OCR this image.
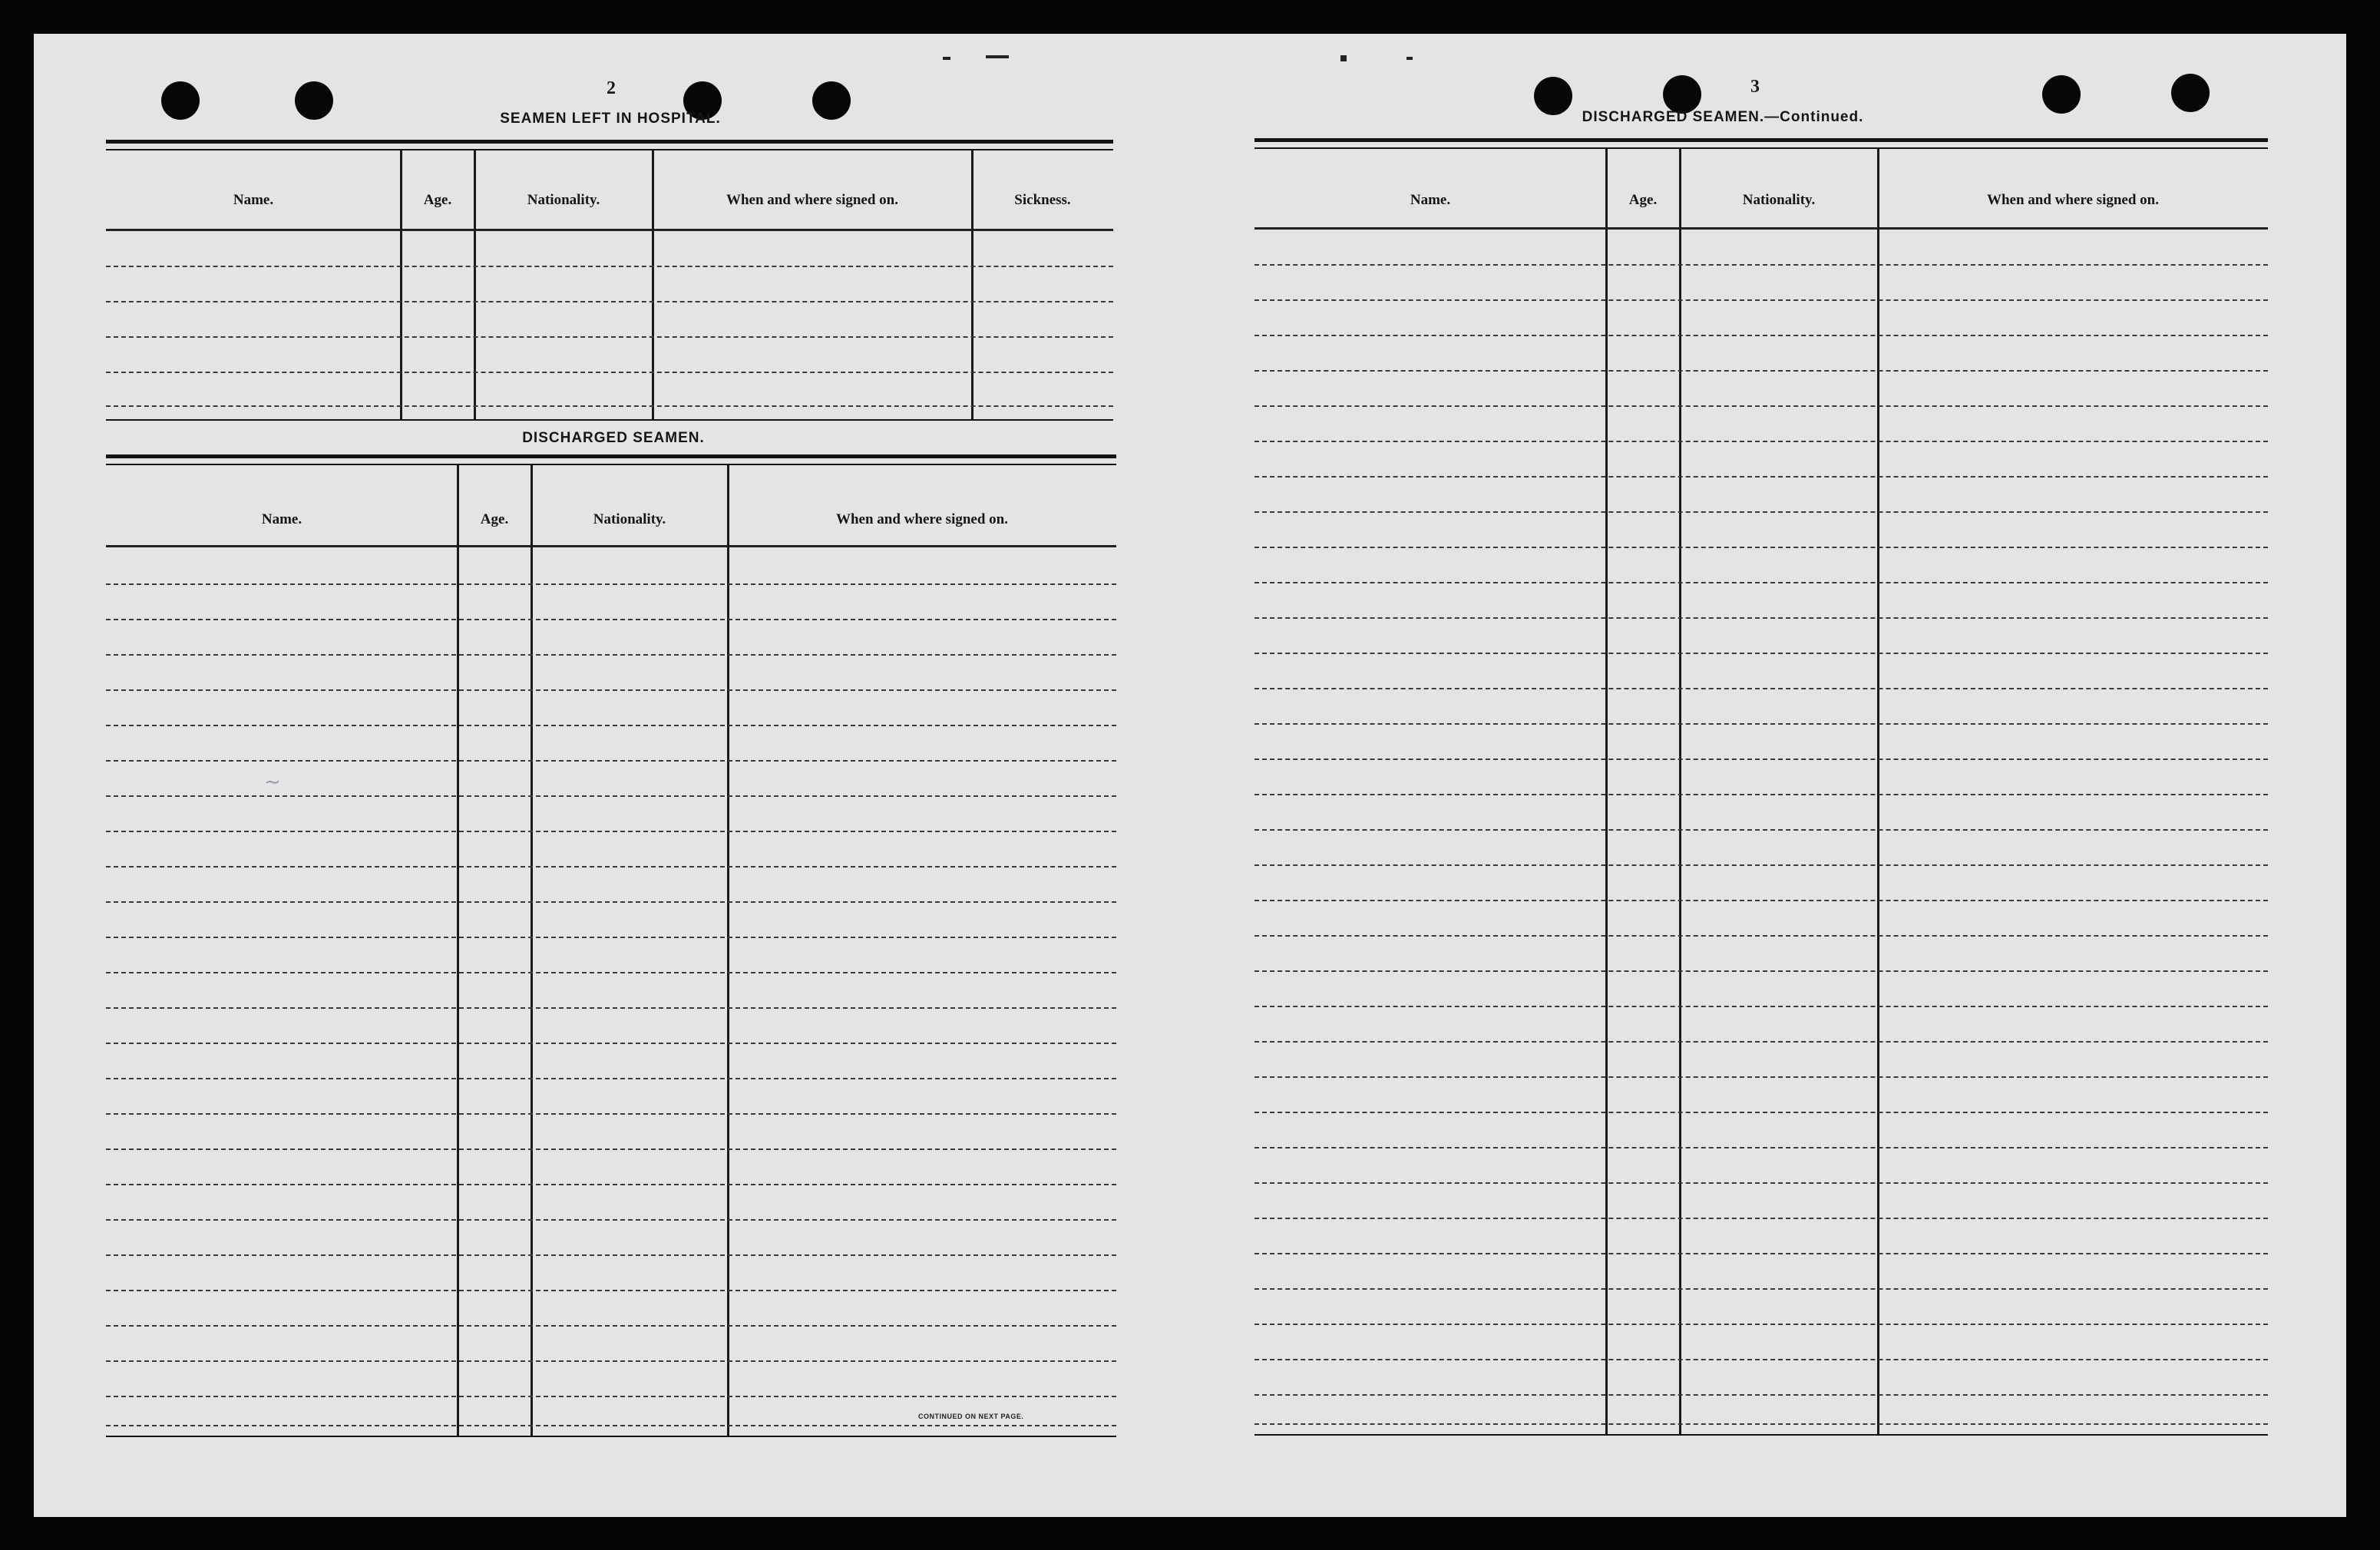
2
SEAMEN LEFT IN HOSPITAL.
Name.	Age.	Nationality.	When and where signed on.	Sickness.
DISCHARGED SEAMEN.
Name.	Age.	Nationality.	When and where signed on.
∼
CONTINUED ON NEXT PAGE.
3
DISCHARGED SEAMEN.—Continued.
Name.	Age.	Nationality.	When and where signed on.
